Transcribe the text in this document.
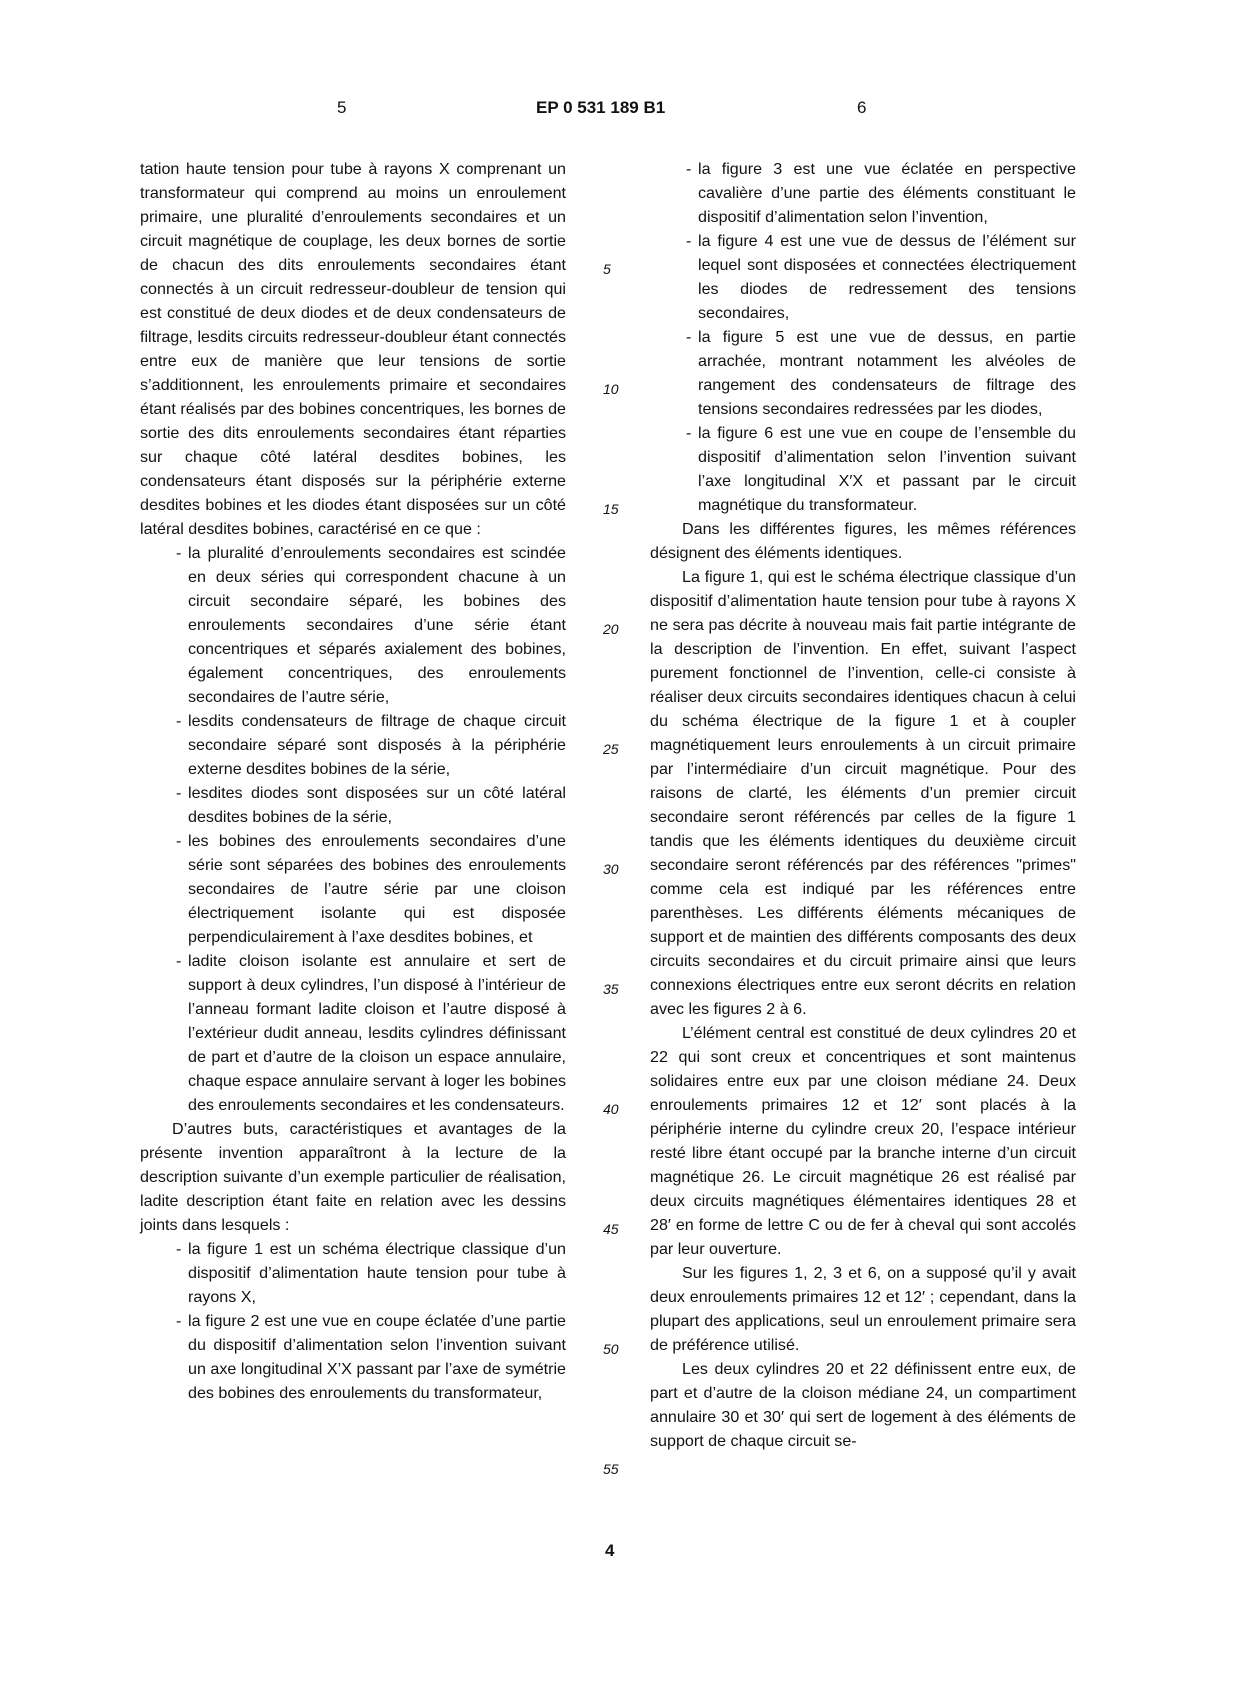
5	EP 0 531 189 B1	6

tation haute tension pour tube à rayons X comprenant un transformateur qui comprend au moins un enroulement primaire, une pluralité d’enroulements secondaires et un circuit magnétique de couplage, les deux bornes de sortie de chacun des dits enroulements secondaires étant connectés à un circuit redresseur-doubleur de tension qui est constitué de deux diodes et de deux condensateurs de filtrage, lesdits circuits redresseur-doubleur étant connectés entre eux de manière que leur tensions de sortie s’additionnent, les enroulements primaire et secondaires étant réalisés par des bobines concentriques, les bornes de sortie des dits enroulements secondaires étant réparties sur chaque côté latéral desdites bobines, les condensateurs étant disposés sur la périphérie externe desdites bobines et les diodes étant disposées sur un côté latéral desdites bobines, caractérisé en ce que :

- la pluralité d’enroulements secondaires est scindée en deux séries qui correspondent chacune à un circuit secondaire séparé, les bobines des enroulements secondaires d’une série étant concentriques et séparés axialement des bobines, également concentriques, des enroulements secondaires de l’autre série,
- lesdits condensateurs de filtrage de chaque circuit secondaire séparé sont disposés à la périphérie externe desdites bobines de la série,
- lesdites diodes sont disposées sur un côté latéral desdites bobines de la série,
- les bobines des enroulements secondaires d’une série sont séparées des bobines des enroulements secondaires de l’autre série par une cloison électriquement isolante qui est disposée perpendiculairement à l’axe desdites bobines, et
- ladite cloison isolante est annulaire et sert de support à deux cylindres, l’un disposé à l’intérieur de l’anneau formant ladite cloison et l’autre disposé à l’extérieur dudit anneau, lesdits cylindres définissant de part et d’autre de la cloison un espace annulaire, chaque espace annulaire servant à loger les bobines des enroulements secondaires et les condensateurs.

D’autres buts, caractéristiques et avantages de la présente invention apparaîtront à la lecture de la description suivante d’un exemple particulier de réalisation, ladite description étant faite en relation avec les dessins joints dans lesquels :

- la figure 1 est un schéma électrique classique d’un dispositif d’alimentation haute tension pour tube à rayons X,
- la figure 2 est une vue en coupe éclatée d’une partie du dispositif d’alimentation selon l’invention suivant un axe longitudinal X’X passant par l’axe de symétrie des bobines des enroulements du transformateur,
- la figure 3 est une vue éclatée en perspective cavalière d’une partie des éléments constituant le dispositif d’alimentation selon l’invention,
- la figure 4 est une vue de dessus de l’élément sur lequel sont disposées et connectées électriquement les diodes de redressement des tensions secondaires,
- la figure 5 est une vue de dessus, en partie arrachée, montrant notamment les alvéoles de rangement des condensateurs de filtrage des tensions secondaires redressées par les diodes,
- la figure 6 est une vue en coupe de l’ensemble du dispositif d’alimentation selon l’invention suivant l’axe longitudinal X′X et passant par le circuit magnétique du transformateur.

Dans les différentes figures, les mêmes références désignent des éléments identiques.

La figure 1, qui est le schéma électrique classique d’un dispositif d’alimentation haute tension pour tube à rayons X ne sera pas décrite à nouveau mais fait partie intégrante de la description de l’invention. En effet, suivant l’aspect purement fonctionnel de l’invention, celle-ci consiste à réaliser deux circuits secondaires identiques chacun à celui du schéma électrique de la figure 1 et à coupler magnétiquement leurs enroulements à un circuit primaire par l’intermédiaire d’un circuit magnétique. Pour des raisons de clarté, les éléments d’un premier circuit secondaire seront référencés par celles de la figure 1 tandis que les éléments identiques du deuxième circuit secondaire seront référencés par des références "primes" comme cela est indiqué par les références entre parenthèses. Les différents éléments mécaniques de support et de maintien des différents composants des deux circuits secondaires et du circuit primaire ainsi que leurs connexions électriques entre eux seront décrits en relation avec les figures 2 à 6.

L’élément central est constitué de deux cylindres 20 et 22 qui sont creux et concentriques et sont maintenus solidaires entre eux par une cloison médiane 24. Deux enroulements primaires 12 et 12′ sont placés à la périphérie interne du cylindre creux 20, l’espace intérieur resté libre étant occupé par la branche interne d’un circuit magnétique 26. Le circuit magnétique 26 est réalisé par deux circuits magnétiques élémentaires identiques 28 et 28′ en forme de lettre C ou de fer à cheval qui sont accolés par leur ouverture.

Sur les figures 1, 2, 3 et 6, on a supposé qu’il y avait deux enroulements primaires 12 et 12′ ; cependant, dans la plupart des applications, seul un enroulement primaire sera de préférence utilisé.

Les deux cylindres 20 et 22 définissent entre eux, de part et d’autre de la cloison médiane 24, un compartiment annulaire 30 et 30′ qui sert de logement à des éléments de support de chaque circuit se-

5
10
15
20
25
30
35
40
45
50
55
4
